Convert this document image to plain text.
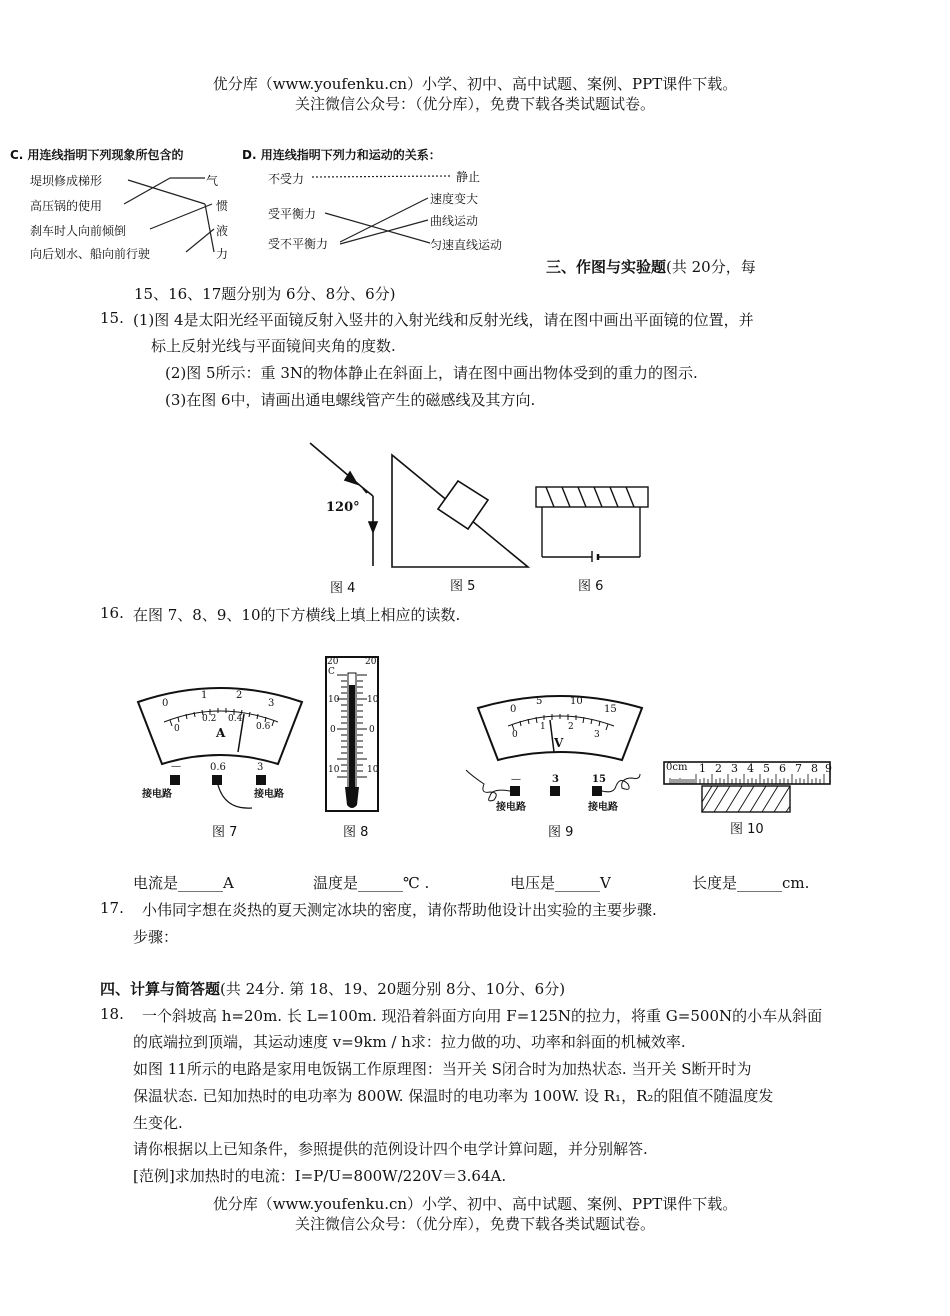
优分库（www.youfenku.cn）小学、初中、高中试题、案例、PPT课件下载。
关注微信公众号：（优分库），免费下载各类试题试卷。
C. 用连线指明下列现象所包含的
堤坝修成梯形
高压锅的使用
刹车时人向前倾倒
向后划水、船向前行驶
气
惯
液
力
D. 用连线指明下列力和运动的关系：
不受力
受平衡力
受不平衡力
静止
速度变大
曲线运动
匀速直线运动
三、作图与实验题(共 20分，每
15、16、17题分别为 6分、8分、6分)
15. (1)图 4是太阳光经平面镜反射入竖井的入射光线和反射光线，请在图中画出平面镜的位置，并
标上反射光线与平面镜间夹角的度数.
(2)图 5所示：重 3N的物体静止在斜面上，请在图中画出物体受到的重力的图示.
(3)在图 6中，请画出通电螺线管产生的磁感线及其方向.
120°
图 4	图 5	图 6
16. 在图 7、8、9、10的下方横线上填上相应的读数.
0
1	2
3
0
0.2 0.4
0.6
A
—	0.6	3
接电路	接电路
20	20
C
10
0
10
10
0
10
0
5	10
15
0
1 2
3
V
—	3	15
接电路	接电路
0cm 1 2 3 4 5 6 7 8 9
图 7	图 8	图 9	图 10
电流是______A	温度是______℃ .	电压是______V	长度是______cm.
17. 小伟同字想在炎热的夏天测定冰块的密度，请你帮助他设计出实验的主要步骤.
步骤：
四、计算与简答题(共 24分. 第 18、19、20题分别 8分、10分、6分)
18. 一个斜坡高 h=20m. 长 L=100m. 现沿着斜面方向用 F=125N的拉力，将重 G=500N的小车从斜面
的底端拉到顶端，其运动速度 v=9km / h求：拉力做的功、功率和斜面的机械效率.
如图 11所示的电路是家用电饭锅工作原理图：当开关 S闭合时为加热状态. 当开关 S断开时为
保温状态. 已知加热时的电功率为 800W. 保温时的电功率为 100W. 设 R₁，R₂的阻值不随温度发
生变化.
请你根据以上已知条件，参照提供的范例设计四个电学计算问题，并分别解答.
[范例]求加热时的电流：I=P/U=800W/220V＝3.64A.
优分库（www.youfenku.cn）小学、初中、高中试题、案例、PPT课件下载。
关注微信公众号：（优分库），免费下载各类试题试卷。
